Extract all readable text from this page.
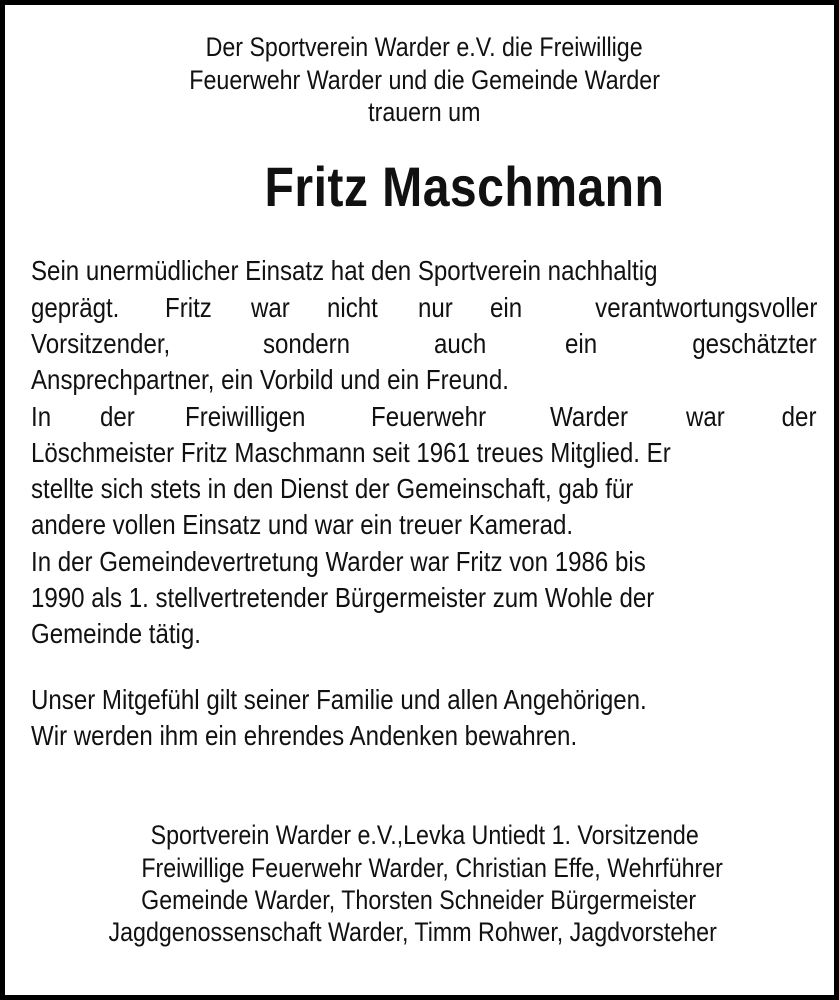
Der Sportverein Warder e.V. die Freiwillige
Feuerwehr Warder und die Gemeinde Warder
trauern um
Fritz Maschmann
Sein unermüdlicher Einsatz hat den Sportverein nachhaltig
geprägt. Fritz war nicht nur ein	verantwortungsvoller
Vorsitzender,	sondern	auch	ein	geschätzter
Ansprechpartner, ein Vorbild und ein Freund.
In der Freiwilligen Feuerwehr Warder war der
Löschmeister Fritz Maschmann seit 1961 treues Mitglied. Er
stellte sich stets in den Dienst der Gemeinschaft, gab für
andere vollen Einsatz und war ein treuer Kamerad.
In der Gemeindevertretung Warder war Fritz von 1986 bis
1990 als 1. stellvertretender Bürgermeister zum Wohle der
Gemeinde tätig.
Unser Mitgefühl gilt seiner Familie und allen Angehörigen.
Wir werden ihm ein ehrendes Andenken bewahren.
Sportverein Warder e.V.,Levka Untiedt 1. Vorsitzende
Freiwillige Feuerwehr Warder, Christian Effe, Wehrführer
Gemeinde Warder, Thorsten Schneider Bürgermeister
Jagdgenossenschaft Warder, Timm Rohwer, Jagdvorsteher
